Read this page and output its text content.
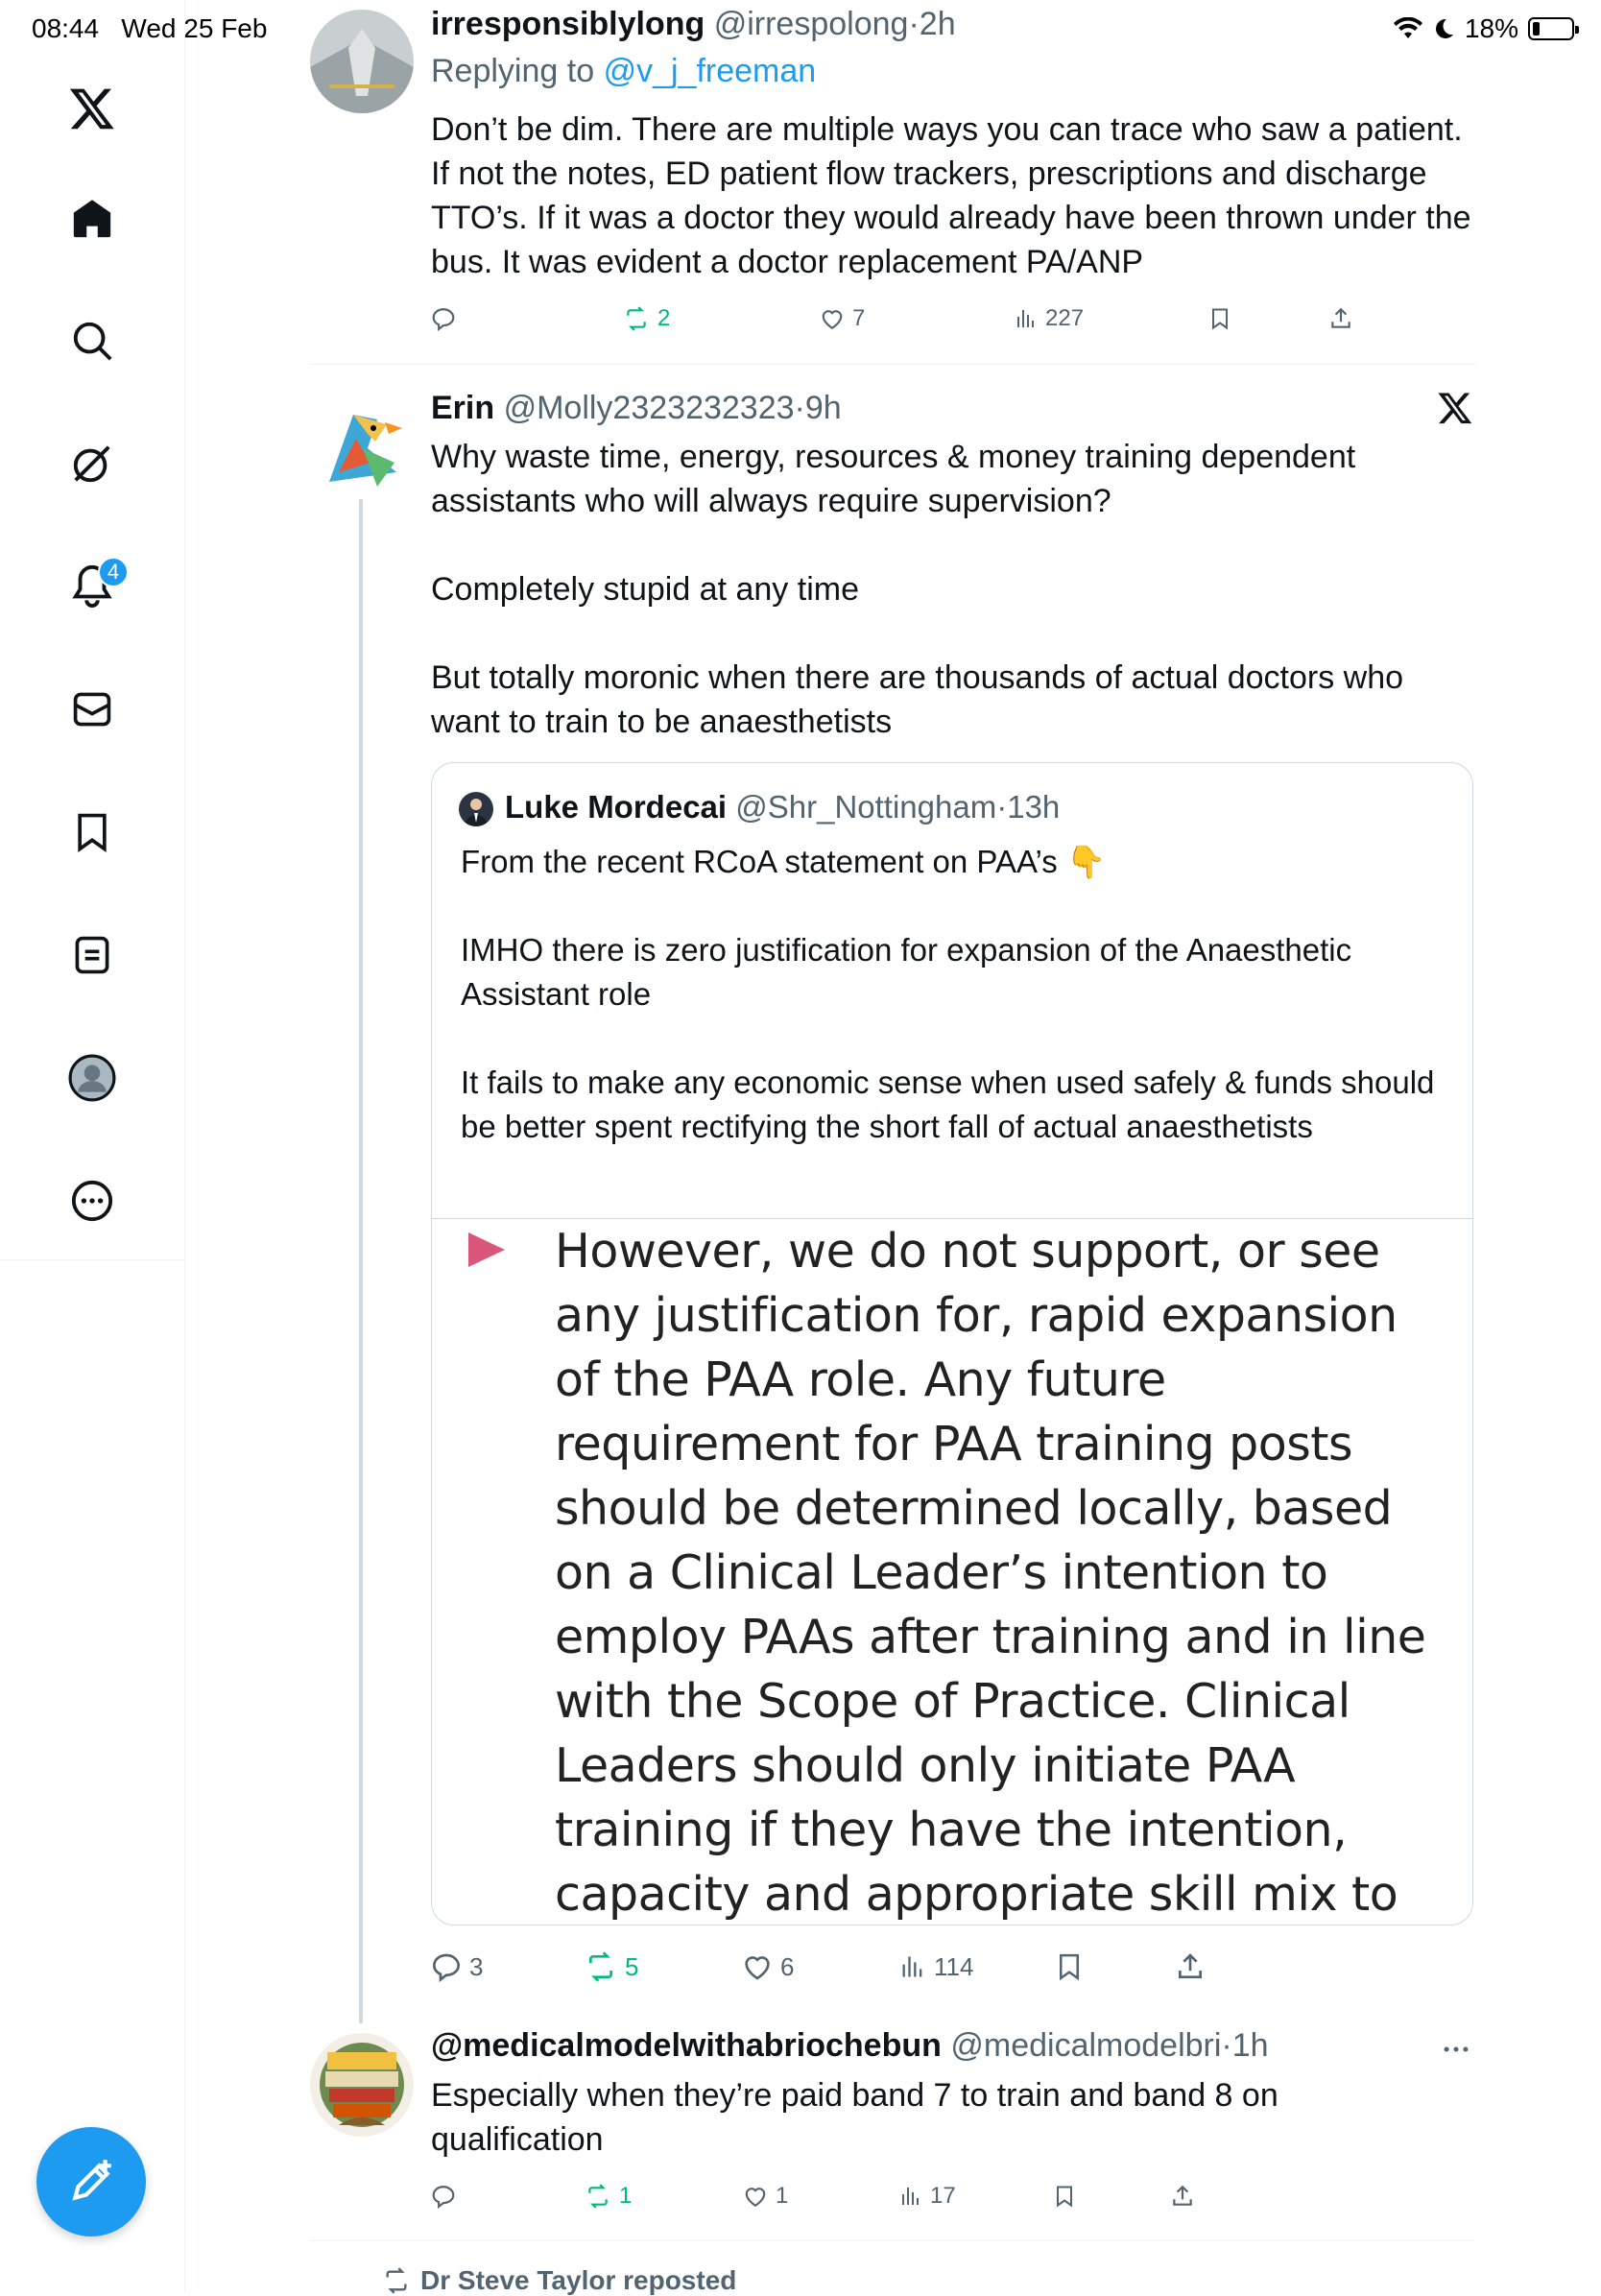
08:44 Wed 25 Feb	18%
4
irresponsiblylong @irrespolong·2h
Replying to @v_j_freeman
Don’t be dim. There are multiple ways you can trace who saw a patient. If not the notes, ED patient flow trackers, prescriptions and discharge TTO’s. If it was a doctor they would already have been thrown under the bus. It was evident a doctor replacement PA/ANP
2	7	227
Erin @Molly2323232323·9h
Why waste time, energy, resources & money training dependent assistants who will always require supervision?

Completely stupid at any time

But totally moronic when there are thousands of actual doctors who want to train to be anaesthetists
Luke Mordecai @Shr_Nottingham·13h
From the recent RCoA statement on PAA’s 👇

IMHO there is zero justification for expansion of the Anaesthetic Assistant role

It fails to make any economic sense when used safely & funds should be better spent rectifying the short fall of actual anaesthetists
However, we do not support, or see any justification for, rapid expansion of the PAA role. Any future requirement for PAA training posts should be determined locally, based on a Clinical Leader’s intention to employ PAAs after training and in line with the Scope of Practice. Clinical Leaders should only initiate PAA training if they have the intention, capacity and appropriate skill mix to
3	5	6	114
@medicalmodelwithabriochebun @medicalmodelbri·1h
Especially when they’re paid band 7 to train and band 8 on qualification
1	1	17
Dr Steve Taylor reposted
